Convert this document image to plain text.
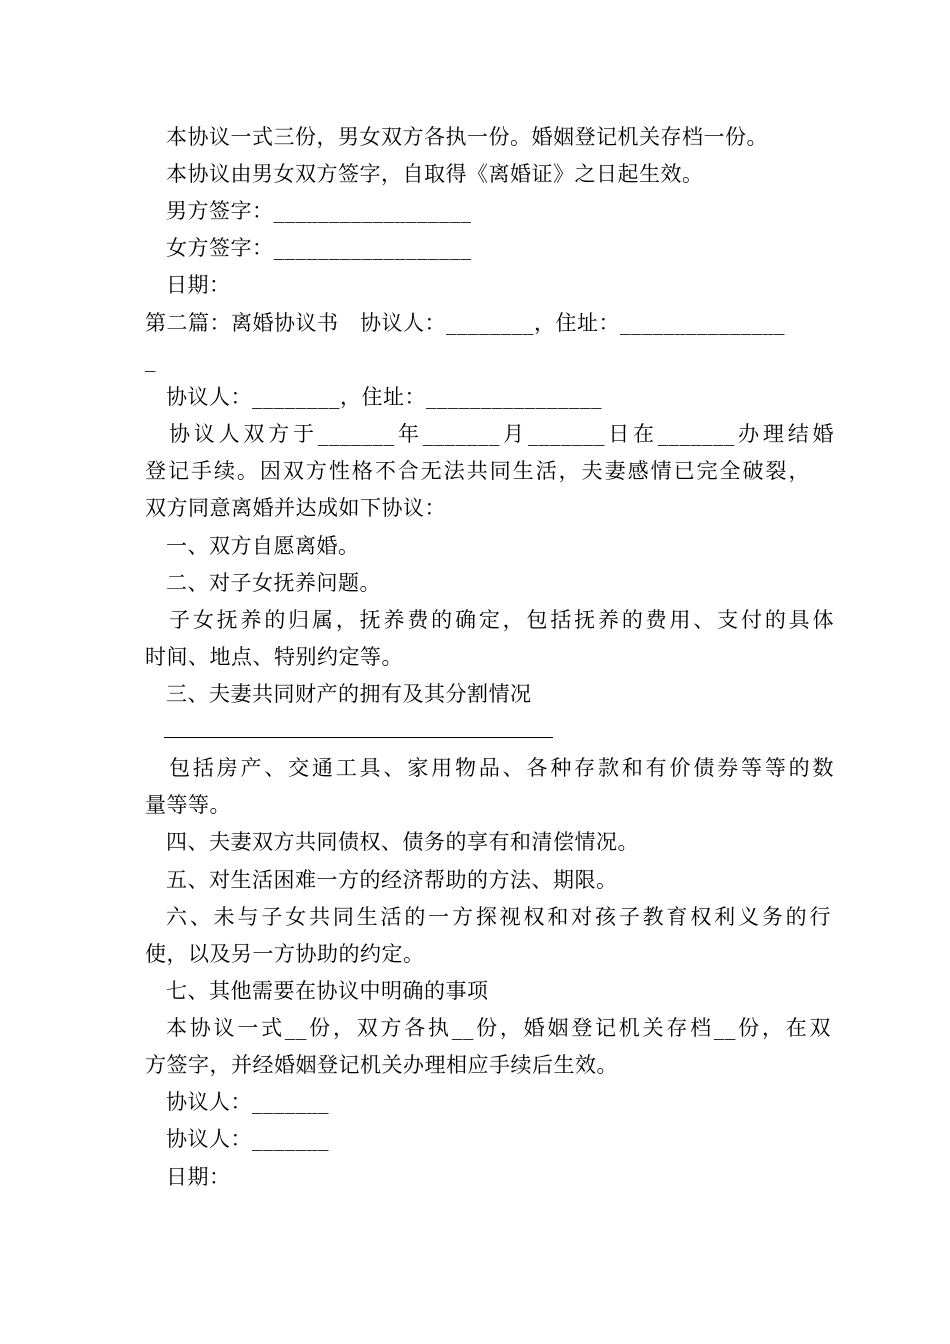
本协议一式三份，男女双方各执一份。婚姻登记机关存档一份。
本协议由男女双方签字，自取得《离婚证》之日起生效。
男方签字：__________________
女方签字：__________________
日期：
第二篇：离婚协议书　协议人：________，住址：_______________
_
协议人：________，住址：________________
协议人双方于_______年_______月_______日在_______办理结婚
登记手续。因双方性格不合无法共同生活，夫妻感情已完全破裂，
双方同意离婚并达成如下协议：
一、双方自愿离婚。
二、对子女抚养问题。
子女抚养的归属，抚养费的确定，包括抚养的费用、支付的具体
时间、地点、特别约定等。
三、夫妻共同财产的拥有及其分割情况
包括房产、交通工具、家用物品、各种存款和有价债券等等的数
量等等。
四、夫妻双方共同债权、债务的享有和清偿情况。
五、对生活困难一方的经济帮助的方法、期限。
六、未与子女共同生活的一方探视权和对孩子教育权利义务的行
使，以及另一方协助的约定。
七、其他需要在协议中明确的事项
本协议一式__份，双方各执__份，婚姻登记机关存档__份，在双
方签字，并经婚姻登记机关办理相应手续后生效。
协议人：_______
协议人：_______
日期：
